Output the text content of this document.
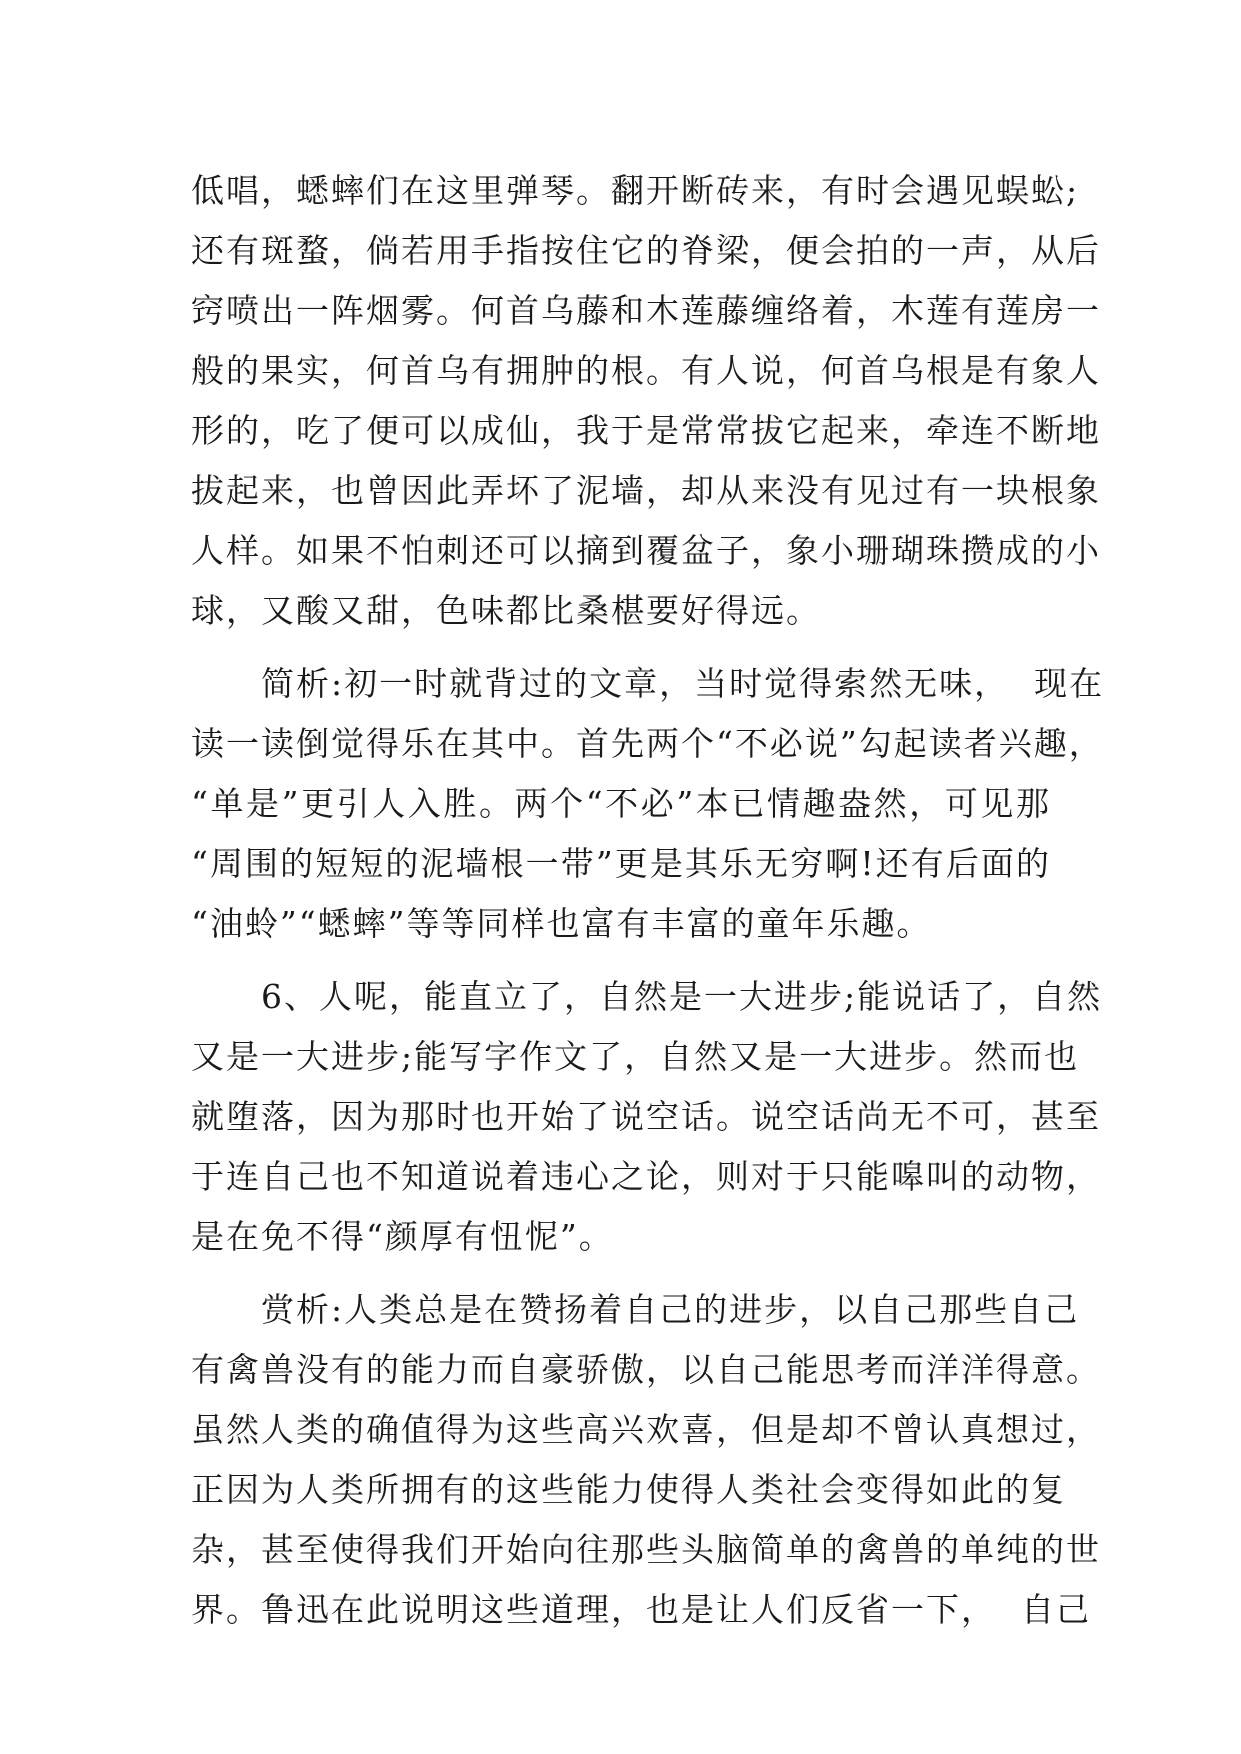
低唱，蟋蟀们在这里弹琴。翻开断砖来，有时会遇见蜈蚣;
还有斑蝥，倘若用手指按住它的脊梁，便会拍的一声，从后
窍喷出一阵烟雾。何首乌藤和木莲藤缠络着，木莲有莲房一
般的果实，何首乌有拥肿的根。有人说，何首乌根是有象人
形的，吃了便可以成仙，我于是常常拔它起来，牵连不断地
拔起来，也曾因此弄坏了泥墙，却从来没有见过有一块根象
人样。如果不怕刺还可以摘到覆盆子，象小珊瑚珠攒成的小
球，又酸又甜，色味都比桑椹要好得远。
　　简析:初一时就背过的文章，当时觉得索然无味，  现在
读一读倒觉得乐在其中。首先两个“不必说”勾起读者兴趣，
“单是”更引人入胜。两个“不必”本已情趣盎然，可见那
“周围的短短的泥墙根一带”更是其乐无穷啊!还有后面的
“油蛉”“蟋蟀”等等同样也富有丰富的童年乐趣。
　　6、人呢，能直立了，自然是一大进步;能说话了，自然
又是一大进步;能写字作文了，自然又是一大进步。然而也
就堕落，因为那时也开始了说空话。说空话尚无不可，甚至
于连自己也不知道说着违心之论，则对于只能嗥叫的动物，
是在免不得“颜厚有忸怩”。
　　赏析:人类总是在赞扬着自己的进步，以自己那些自己
有禽兽没有的能力而自豪骄傲，以自己能思考而洋洋得意。
虽然人类的确值得为这些高兴欢喜，但是却不曾认真想过，
正因为人类所拥有的这些能力使得人类社会变得如此的复
杂，甚至使得我们开始向往那些头脑简单的禽兽的单纯的世
界。鲁迅在此说明这些道理，也是让人们反省一下，  自己
